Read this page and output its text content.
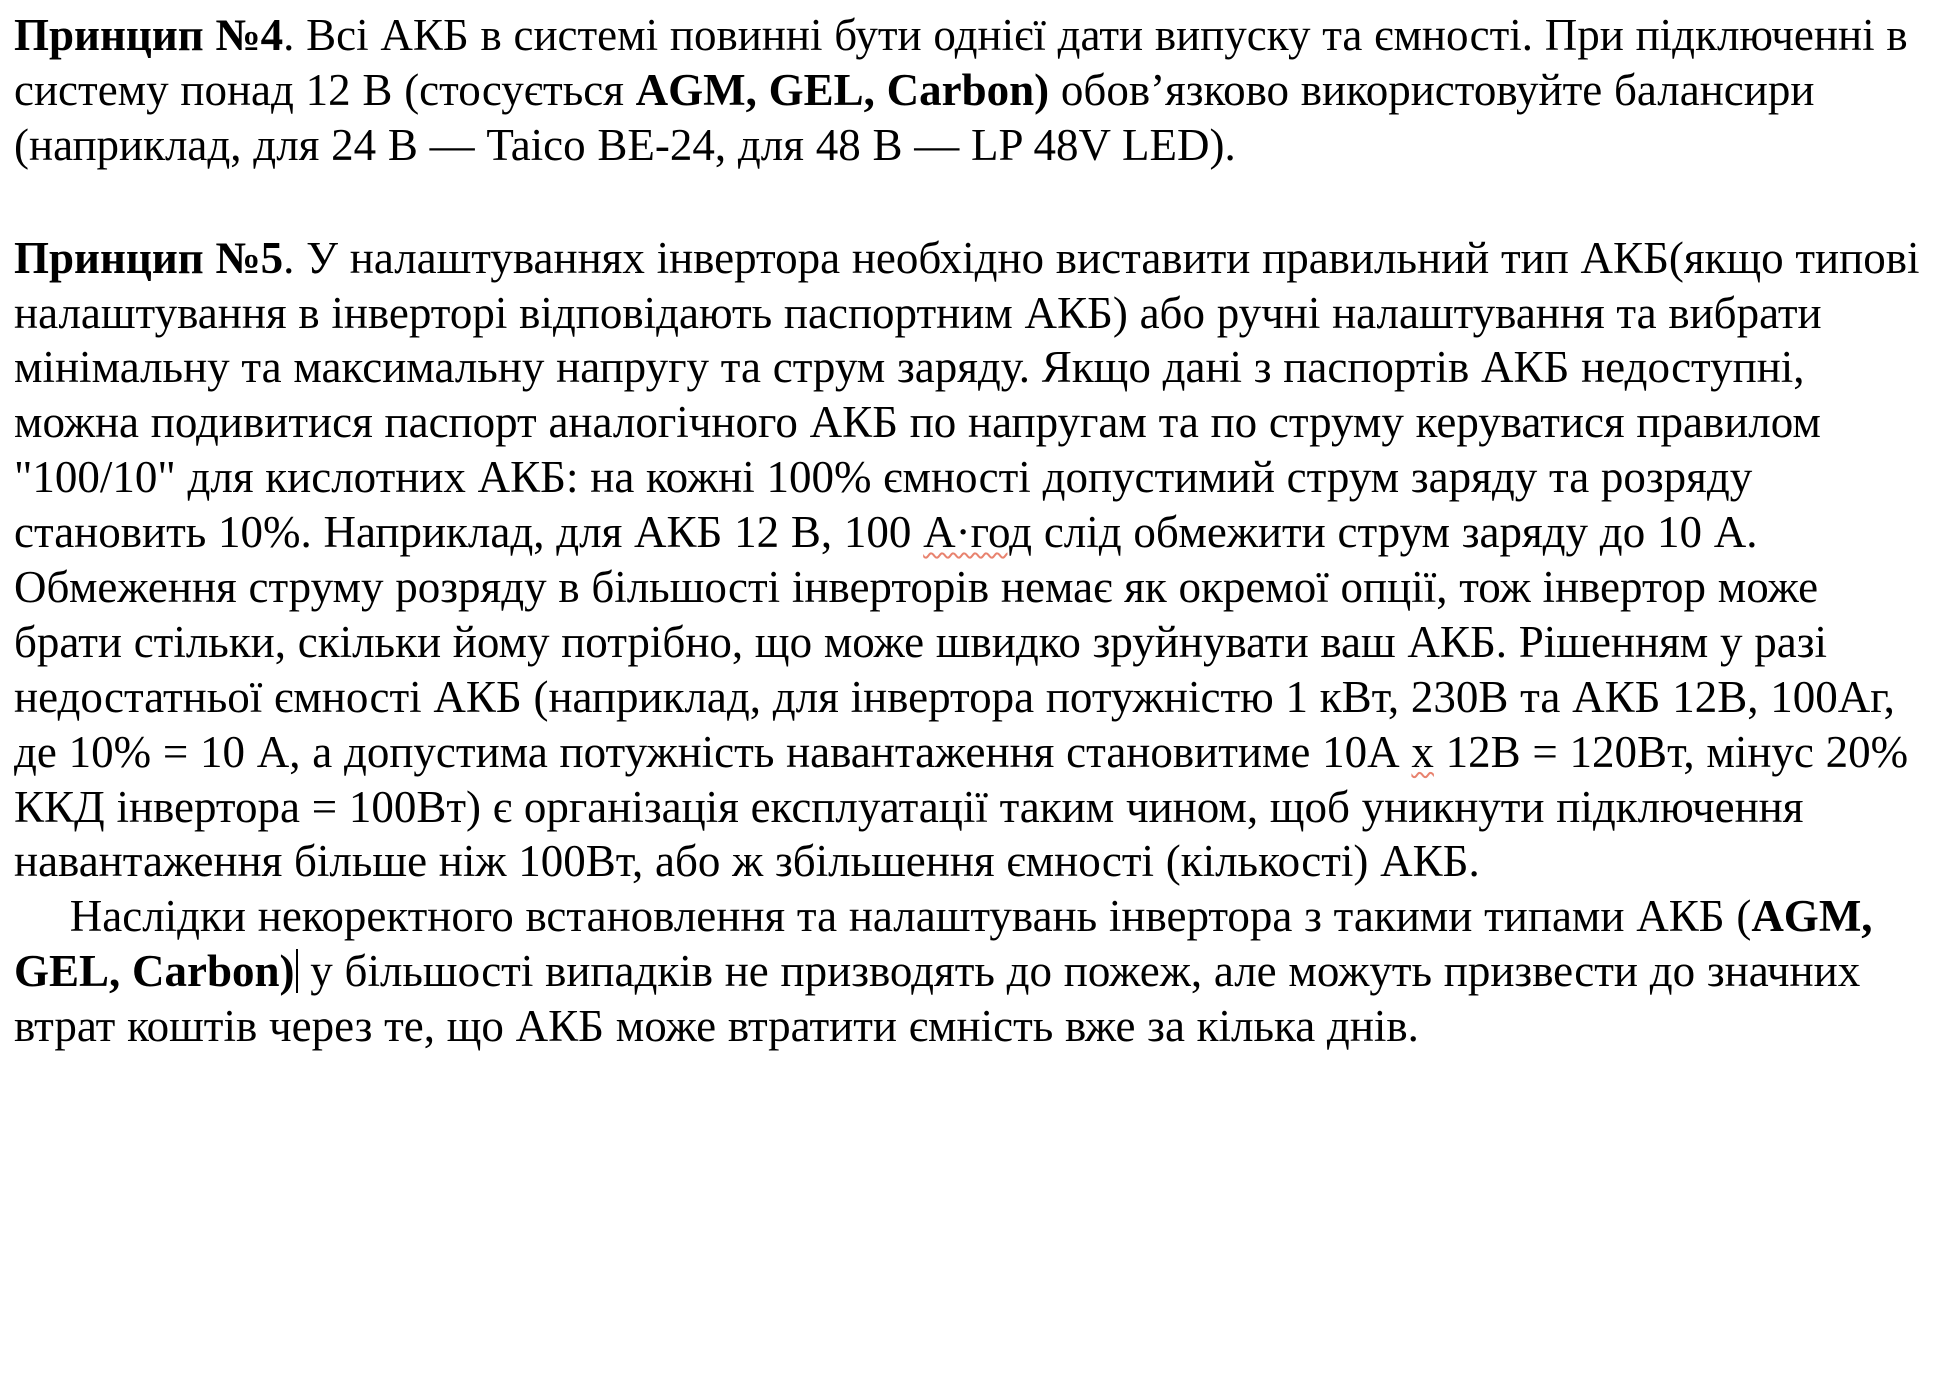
Принцип №4. Всі АКБ в системі повинні бути однієї дати випуску та ємності. При підключенні в систему понад 12 В (стосується AGM, GEL, Carbon) обов’язково використовуйте балансири (наприклад, для 24 В — Taico BE-24, для 48 В — LP 48V LED).

Принцип №5. У налаштуваннях інвертора необхідно виставити правильний тип АКБ(якщо типові налаштування в інверторі відповідають паспортним АКБ) або ручні налаштування та вибрати мінімальну та максимальну напругу та струм заряду. Якщо дані з паспортів АКБ недоступні, можна подивитися паспорт аналогічного АКБ по напругам та по струму керуватися правилом "100/10" для кислотних АКБ: на кожні 100% ємності допустимий струм заряду та розряду становить 10%. Наприклад, для АКБ 12 В, 100 А·год слід обмежити струм заряду до 10 А. Обмеження струму розряду в більшості інверторів немає як окремої опції, тож інвертор може брати стільки, скільки йому потрібно, що може швидко зруйнувати ваш АКБ. Рішенням у разі недостатньої ємності АКБ (наприклад, для інвертора потужністю 1 кВт, 230В та АКБ 12В, 100Аг, де 10% = 10 А, а допустима потужність навантаження становитиме 10А х 12В = 120Вт, мінус 20% ККД інвертора = 100Вт) є організація експлуатації таким чином, щоб уникнути підключення навантаження більше ніж 100Вт, або ж збільшення ємності (кількості) АКБ.

Наслідки некоректного встановлення та налаштувань інвертора з такими типами АКБ (AGM, GEL, Carbon) у більшості випадків не призводять до пожеж, але можуть призвести до значних втрат коштів через те, що АКБ може втратити ємність вже за кілька днів.
